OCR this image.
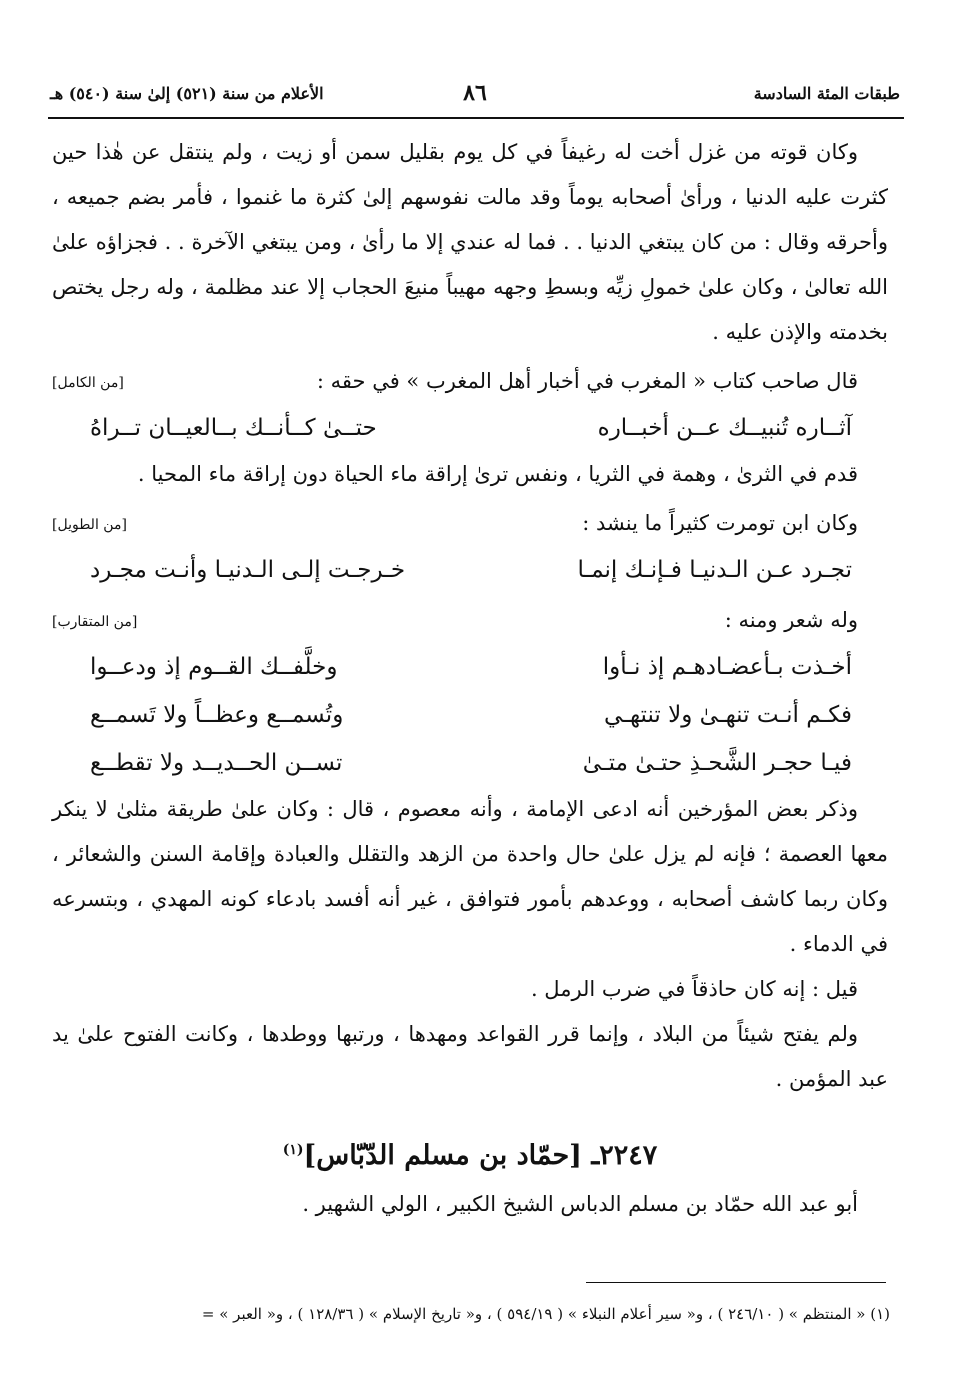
طبقات المئة السادسة
٨٦
الأعلام من سنة (٥٢١) إلىٰ سنة (٥٤٠) هـ

وكان قوته من غزل أخت له رغيفاً في كل يوم بقليل سمن أو زيت ، ولم ينتقل عن هٰذا حين كثرت عليه الدنيا ، ورأىٰ أصحابه يوماً وقد مالت نفوسهم إلىٰ كثرة ما غنموا ، فأمر بضم جميعه ، وأحرقه وقال : من كان يبتغي الدنيا . . فما له عندي إلا ما رأىٰ ، ومن يبتغي الآخرة . . فجزاؤه علىٰ الله تعالىٰ ، وكان علىٰ خمولِ زيِّه وبسطِ وجهه مهيباً منيعَ الحجاب إلا عند مظلمة ، وله رجل يختص بخدمته والإذن عليه .

قال صاحب كتاب « المغرب في أخبار أهل المغرب » في حقه :
[من الكامل]
آثــاره تُنبيــك عــن أخبــاره
حتــىٰ كــأنــك بــالعيــان تــراهُ

قدم في الثرىٰ ، وهمة في الثريا ، ونفس ترىٰ إراقة ماء الحياة دون إراقة ماء المحيا .

وكان ابن تومرت كثيراً ما ينشد :
[من الطويل]
تجـرد عـن الـدنيـا فـإنـك إنمـا
خـرجـت إلـى الـدنيـا وأنـت مجـرد
وله شعر ومنه :
[من المتقارب]
أخـذت بـأعضـادهـم إذ نـأوا
وخلَّفــك القــوم إذ ودعــوا
فكـم أنـت تنهـىٰ ولا تنتهـي
وتُسمــع وعظــاً ولا تَسمــع
فيـا حجـر الشَّحـذِ حتـىٰ متـىٰ
تســن الحــديــد ولا تقطــع

وذكر بعض المؤرخين أنه ادعى الإمامة ، وأنه معصوم ، قال : وكان علىٰ طريقة مثلىٰ لا ينكر معها العصمة ؛ فإنه لم يزل علىٰ حال واحدة من الزهد والتقلل والعبادة وإقامة السنن والشعائر ، وكان ربما كاشف أصحابه ، ووعدهم بأمور فتوافق ، غير أنه أفسد بادعاء كونه المهدي ، وبتسرعه في الدماء .

قيل : إنه كان حاذقاً في ضرب الرمل .

ولم يفتح شيئاً من البلاد ، وإنما قرر القواعد ومهدها ، ورتبها ووطدها ، وكانت الفتوح علىٰ يد عبد المؤمن .

٢٢٤٧ـ [حمّاد بن مسلم الدّبّاس]$^{(١)}$

أبو عبد الله حمّاد بن مسلم الدباس الشيخ الكبير ، الولي الشهير .

(١) « المنتظم » ( ٢٤٦/١٠ ) ، و« سير أعلام النبلاء » ( ٥٩٤/١٩ ) ، و« تاريخ الإسلام » ( ١٢٨/٣٦ ) ، و« العبر » =
